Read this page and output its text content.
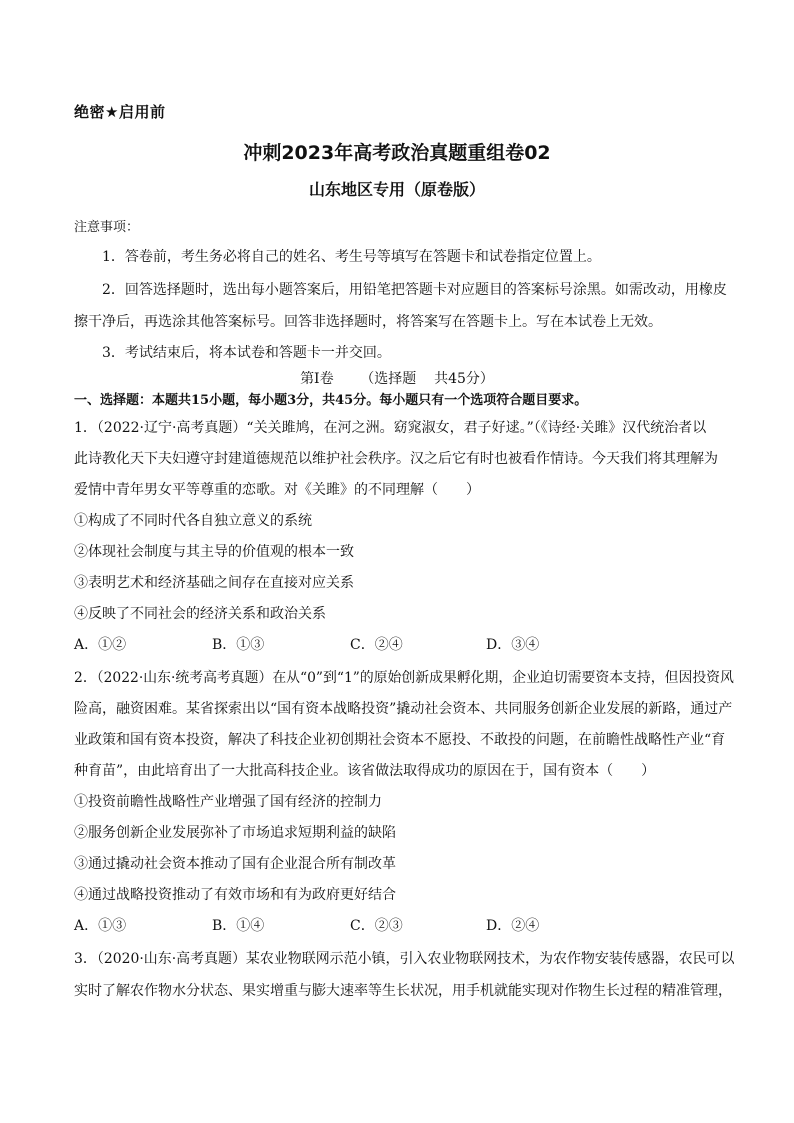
绝密★启用前
冲刺2023年高考政治真题重组卷02
山东地区专用（原卷版）
注意事项：
1．答卷前，考生务必将自己的姓名、考生号等填写在答题卡和试卷指定位置上。
2．回答选择题时，选出每小题答案后，用铅笔把答题卡对应题目的答案标号涂黑。如需改动，用橡皮
擦干净后，再选涂其他答案标号。回答非选择题时，将答案写在答题卡上。写在本试卷上无效。
3．考试结束后，将本试卷和答题卡一并交回。
第Ⅰ卷      （选择题    共45分）
一、选择题：本题共15小题，每小题3分，共45分。每小题只有一个选项符合题目要求。
1．（2022·辽宁·高考真题）“关关雎鸠，在河之洲。窈窕淑女，君子好逑。”（《诗经·关雎》汉代统治者以
此诗教化天下夫妇遵守封建道德规范以维护社会秩序。汉之后它有时也被看作情诗。今天我们将其理解为
爱情中青年男女平等尊重的恋歌。对《关雎》的不同理解（　　）
①构成了不同时代各自独立意义的系统
②体现社会制度与其主导的价值观的根本一致
③表明艺术和经济基础之间存在直接对应关系
④反映了不同社会的经济关系和政治关系
A．①②	B．①③	C．②④	D．③④
2．（2022·山东·统考高考真题）在从“0”到“1”的原始创新成果孵化期，企业迫切需要资本支持，但因投资风
险高，融资困难。某省探索出以“国有资本战略投资”撬动社会资本、共同服务创新企业发展的新路，通过产
业政策和国有资本投资，解决了科技企业初创期社会资本不愿投、不敢投的问题，在前瞻性战略性产业“育
种育苗”，由此培育出了一大批高科技企业。该省做法取得成功的原因在于，国有资本（　　）
①投资前瞻性战略性产业增强了国有经济的控制力
②服务创新企业发展弥补了市场追求短期利益的缺陷
③通过撬动社会资本推动了国有企业混合所有制改革
④通过战略投资推动了有效市场和有为政府更好结合
A．①③	B．①④	C．②③	D．②④
3．（2020·山东·高考真题）某农业物联网示范小镇，引入农业物联网技术，为农作物安装传感器，农民可以
实时了解农作物水分状态、果实增重与膨大速率等生长状况，用手机就能实现对作物生长过程的精准管理，
